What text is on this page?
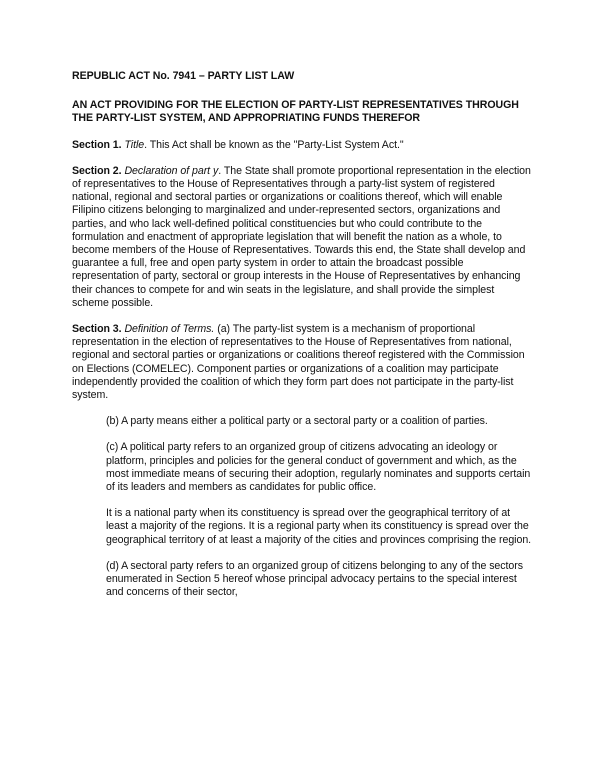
REPUBLIC ACT No. 7941 – PARTY LIST LAW

AN ACT PROVIDING FOR THE ELECTION OF PARTY-LIST REPRESENTATIVES THROUGH THE PARTY-LIST SYSTEM, AND APPROPRIATING FUNDS THEREFOR

Section 1. Title. This Act shall be known as the "Party-List System Act."

Section 2. Declaration of part y. The State shall promote proportional representation in the election of representatives to the House of Representatives through a party-list system of registered national, regional and sectoral parties or organizations or coalitions thereof, which will enable Filipino citizens belonging to marginalized and under-represented sectors, organizations and parties, and who lack well-defined political constituencies but who could contribute to the formulation and enactment of appropriate legislation that will benefit the nation as a whole, to become members of the House of Representatives. Towards this end, the State shall develop and guarantee a full, free and open party system in order to attain the broadcast possible representation of party, sectoral or group interests in the House of Representatives by enhancing their chances to compete for and win seats in the legislature, and shall provide the simplest scheme possible.

Section 3. Definition of Terms. (a) The party-list system is a mechanism of proportional representation in the election of representatives to the House of Representatives from national, regional and sectoral parties or organizations or coalitions thereof registered with the Commission on Elections (COMELEC). Component parties or organizations of a coalition may participate independently provided the coalition of which they form part does not participate in the party-list system.

(b) A party means either a political party or a sectoral party or a coalition of parties.

(c) A political party refers to an organized group of citizens advocating an ideology or platform, principles and policies for the general conduct of government and which, as the most immediate means of securing their adoption, regularly nominates and supports certain of its leaders and members as candidates for public office.

It is a national party when its constituency is spread over the geographical territory of at least a majority of the regions. It is a regional party when its constituency is spread over the geographical territory of at least a majority of the cities and provinces comprising the region.

(d) A sectoral party refers to an organized group of citizens belonging to any of the sectors enumerated in Section 5 hereof whose principal advocacy pertains to the special interest and concerns of their sector,
